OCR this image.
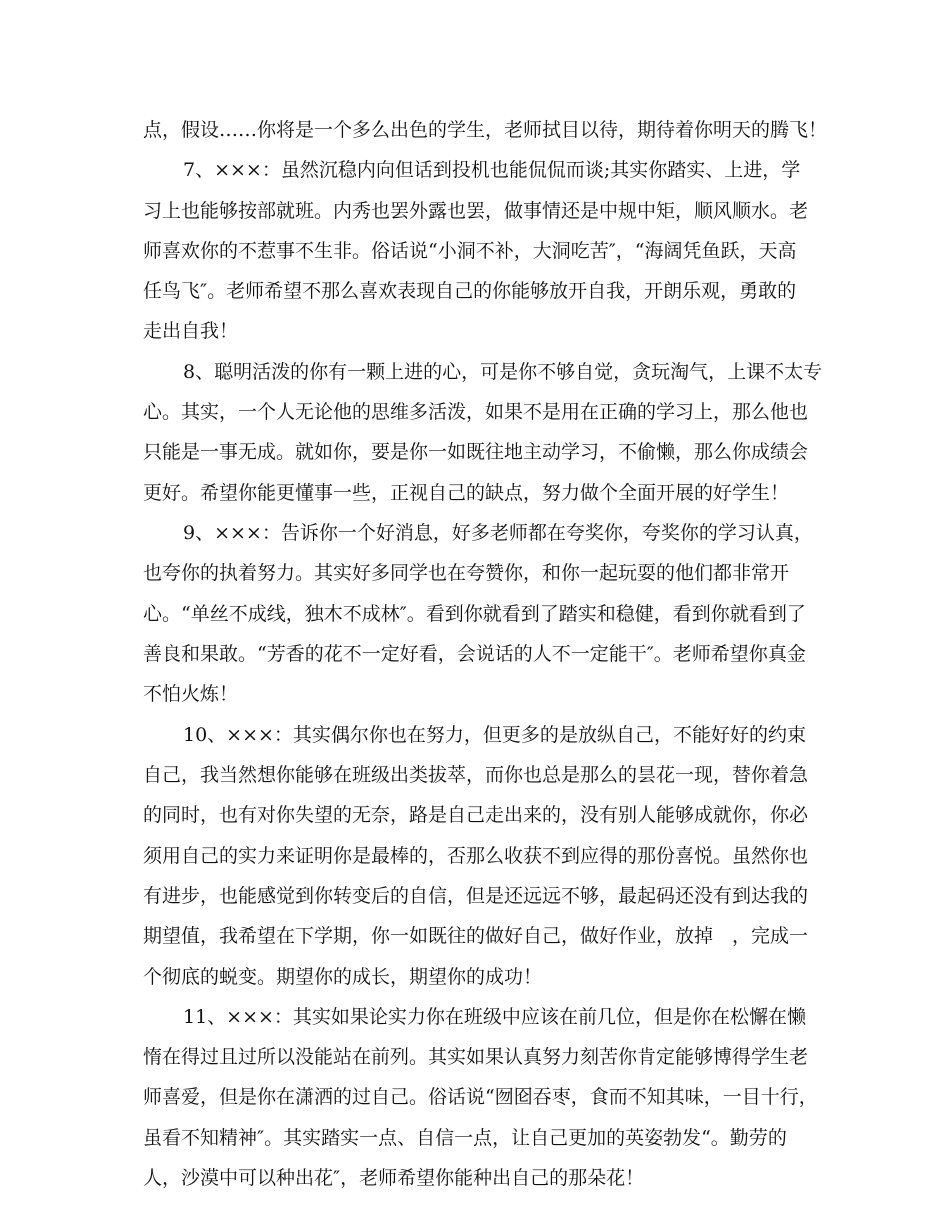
点，假设……你将是一个多么出色的学生，老师拭目以待，期待着你明天的腾飞！
7、×××：虽然沉稳内向但话到投机也能侃侃而谈;其实你踏实、上进，学
习上也能够按部就班。内秀也罢外露也罢，做事情还是中规中矩，顺风顺水。老
师喜欢你的不惹事不生非。俗话说“小洞不补，大洞吃苦″，“海阔凭鱼跃，天高
任鸟飞″。老师希望不那么喜欢表现自己的你能够放开自我，开朗乐观，勇敢的
走出自我！
8、聪明活泼的你有一颗上进的心，可是你不够自觉，贪玩淘气，上课不太专
心。其实，一个人无论他的思维多活泼，如果不是用在正确的学习上，那么他也
只能是一事无成。就如你，要是你一如既往地主动学习，不偷懒，那么你成绩会
更好。希望你能更懂事一些，正视自己的缺点，努力做个全面开展的好学生！
9、×××：告诉你一个好消息，好多老师都在夸奖你，夸奖你的学习认真，
也夸你的执着努力。其实好多同学也在夸赞你，和你一起玩耍的他们都非常开
心。“单丝不成线，独木不成林″。看到你就看到了踏实和稳健，看到你就看到了
善良和果敢。“芳香的花不一定好看，会说话的人不一定能干″。老师希望你真金
不怕火炼！
10、×××：其实偶尔你也在努力，但更多的是放纵自己，不能好好的约束
自己，我当然想你能够在班级出类拔萃，而你也总是那么的昙花一现，替你着急
的同时，也有对你失望的无奈，路是自己走出来的，没有别人能够成就你，你必
须用自己的实力来证明你是最棒的，否那么收获不到应得的那份喜悦。虽然你也
有进步，也能感觉到你转变后的自信，但是还远远不够，最起码还没有到达我的
期望值，我希望在下学期，你一如既往的做好自己，做好作业，放掉　，完成一
个彻底的蜕变。期望你的成长，期望你的成功！
11、×××：其实如果论实力你在班级中应该在前几位，但是你在松懈在懒
惰在得过且过所以没能站在前列。其实如果认真努力刻苦你肯定能够博得学生老
师喜爱，但是你在潇洒的过自己。俗话说“囫囵吞枣，食而不知其味，一目十行，
虽看不知精神″。其实踏实一点、自信一点，让自己更加的英姿勃发“。勤劳的
人，沙漠中可以种出花″，老师希望你能种出自己的那朵花！
